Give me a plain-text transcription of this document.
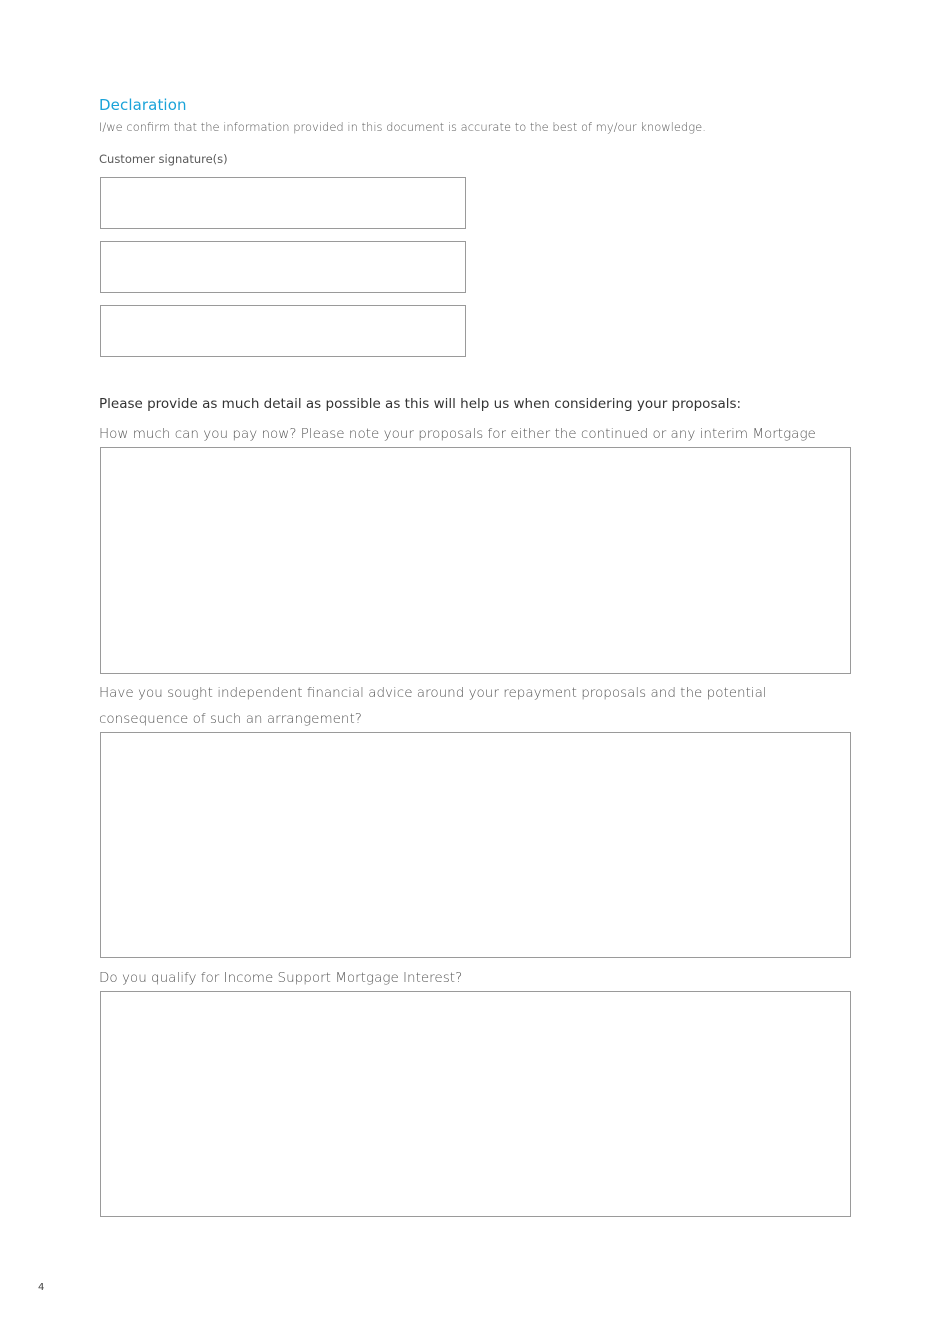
Declaration
I/we confirm that the information provided in this document is accurate to the best of my/our knowledge.
Customer signature(s)
Please provide as much detail as possible as this will help us when considering your proposals:
How much can you pay now? Please note your proposals for either the continued or any interim Mortgage
Have you sought independent financial advice around your repayment proposals and the potential consequence of such an arrangement?
Do you qualify for Income Support Mortgage Interest?
4
